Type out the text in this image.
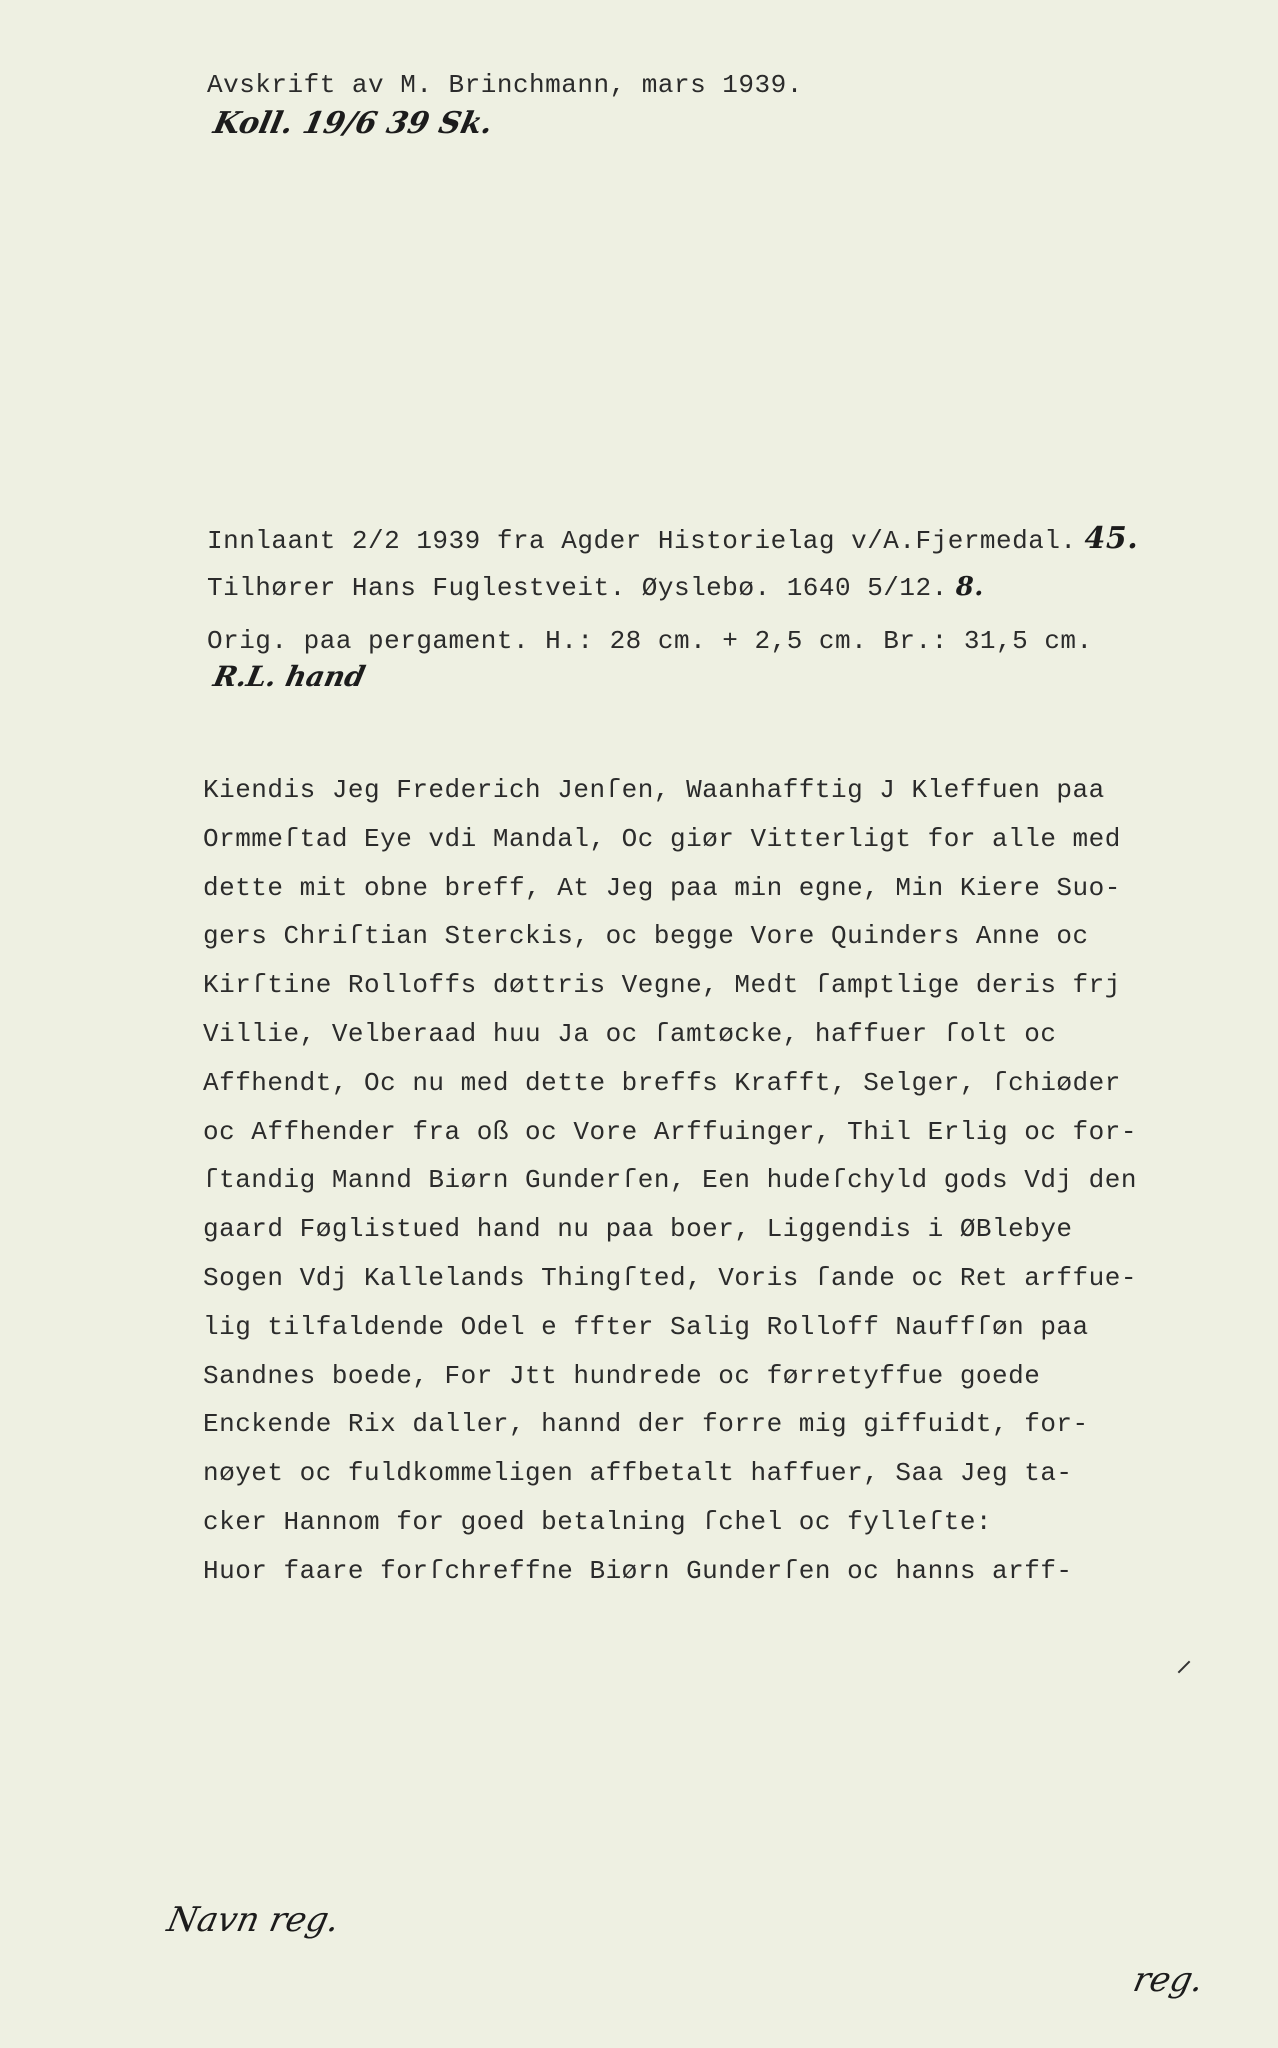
Avskrift av M. Brinchmann, mars 1939.

Koll. 19/6 39 Sk.

Innlaant 2/2 1939 fra Agder Historielag v/A.Fjermedal. 45.

Tilhører Hans Fuglestveit. Øyslebø. 1640 5/12. 8.

Orig. paa pergament. H.: 28 cm. + 2,5 cm. Br.: 31,5 cm.

R.L. hand
Kiendis Jeg Frederich Jenſen, Waanhafftig J Kleffuen paa
Ormmeſtad Eye vdi Mandal, Oc giør Vitterligt for alle med
dette mit obne breff, At Jeg paa min egne, Min Kiere Suo-
gers Chriſtian Sterckis, oc begge Vore Quinders Anne oc
Kirſtine Rolloffs døttris Vegne, Medt ſamptlige deris frj
Villie, Velberaad huu Ja oc ſamtøcke, haffuer ſolt oc
Affhendt, Oc nu med dette breffs Krafft, Selger, ſchiøder
oc Affhender fra oß oc Vore Arffuinger, Thil Erlig oc for-
ſtandig Mannd Biørn Gunderſen, Een hudeſchyld gods Vdj den
gaard Føglistued hand nu paa boer, Liggendis i ØBlebye
Sogen Vdj Kallelands Thingſted, Voris ſande oc Ret arffue-
lig tilfaldende Odel e ffter Salig Rolloff Nauffſøn paa
Sandnes boede, For Jtt hundrede oc førretyffue goede
Enckende Rix daller, hannd der forre mig giffuidt, for-
nøyet oc fuldkommeligen affbetalt haffuer, Saa Jeg ta-
cker Hannom for goed betalning ſchel oc fylleſte:
Huor faare forſchreffne Biørn Gunderſen oc hanns arff-
Navn reg.
reg.
